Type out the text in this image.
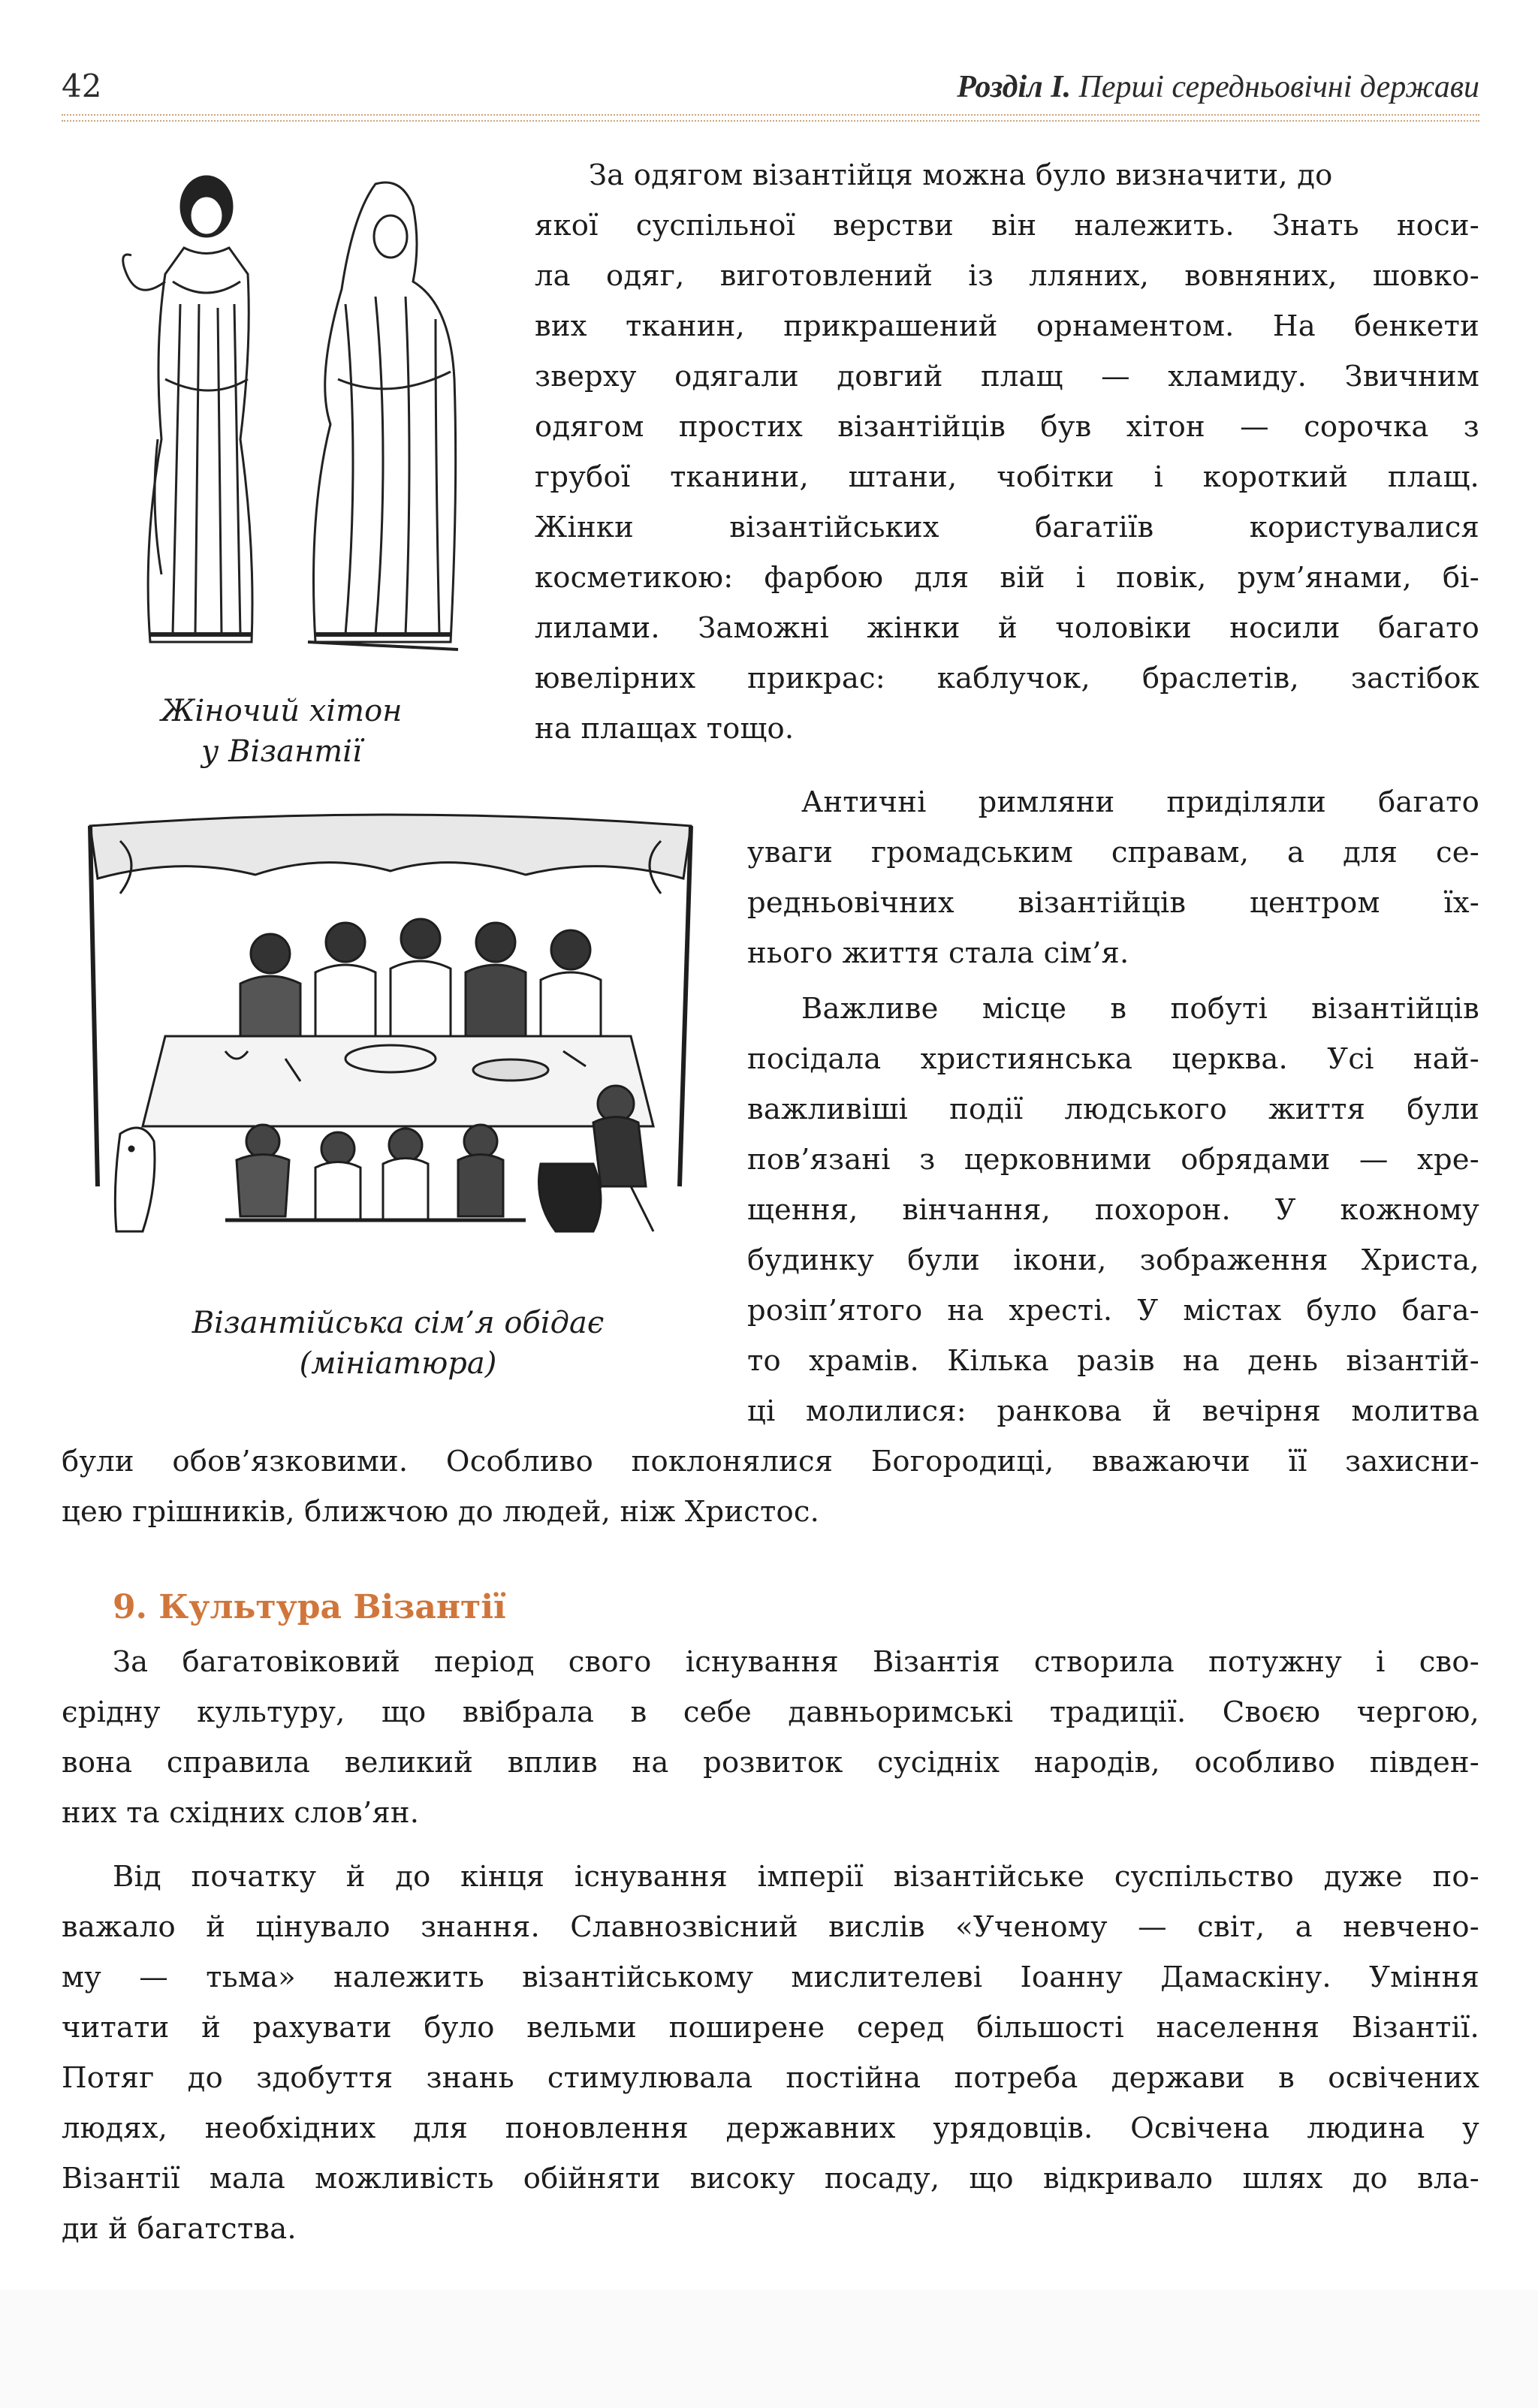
42	Розділ I. Перші середньовічні держави
Жіночий хітон
у Візантії
Візантійська сім’я обідає
(мініатюра)
За одягом візантійця можна було визначити, до
якої суспільної верстви він належить. Знать носи-
ла одяг, виготовлений із лляних, вовняних, шовко-
вих тканин, прикрашений орнаментом. На бенкети
зверху одягали довгий плащ — хламиду. Звичним
одягом простих візантійців був хітон — сорочка з
грубої тканини, штани, чобітки і короткий плащ.
Жінки візантійських багатіїв користувалися
косметикою: фарбою для вій і повік, рум’янами, бі-
лилами. Заможні жінки й чоловіки носили багато
ювелірних прикрас: каблучок, браслетів, застібок
на плащах тощо.
Античні римляни приділяли багато
уваги громадським справам, а для се-
редньовічних візантійців центром їх-
нього життя стала сім’я.
Важливе місце в побуті візантійців
посідала християнська церква. Усі най-
важливіші події людського життя були
пов’язані з церковними обрядами — хре-
щення, вінчання, похорон. У кожному
будинку були ікони, зображення Христа,
розіп’ятого на хресті. У містах було бага-
то храмів. Кілька разів на день візантій-
ці молилися: ранкова й вечірня молитва
були обов’язковими. Особливо поклонялися Богородиці, вважаючи її захисни-
цею грішників, ближчою до людей, ніж Христос.
9. Культура Візантії
За багатовіковий період свого існування Візантія створила потужну і сво-
єрідну культуру, що ввібрала в себе давньоримські традиції. Своєю чергою,
вона справила великий вплив на розвиток сусідніх народів, особливо півден-
них та східних слов’ян.
Від початку й до кінця існування імперії візантійське суспільство дуже по-
важало й цінувало знання. Славнозвісний вислів «Ученому — світ, а невчено-
му — тьма» належить візантійському мислителеві Іоанну Дамаскіну. Уміння
читати й рахувати було вельми поширене серед більшості населення Візантії.
Потяг до здобуття знань стимулювала постійна потреба держави в освічених
людях, необхідних для поновлення державних урядовців. Освічена людина у
Візантії мала можливість обійняти високу посаду, що відкривало шлях до вла-
ди й багатства.
